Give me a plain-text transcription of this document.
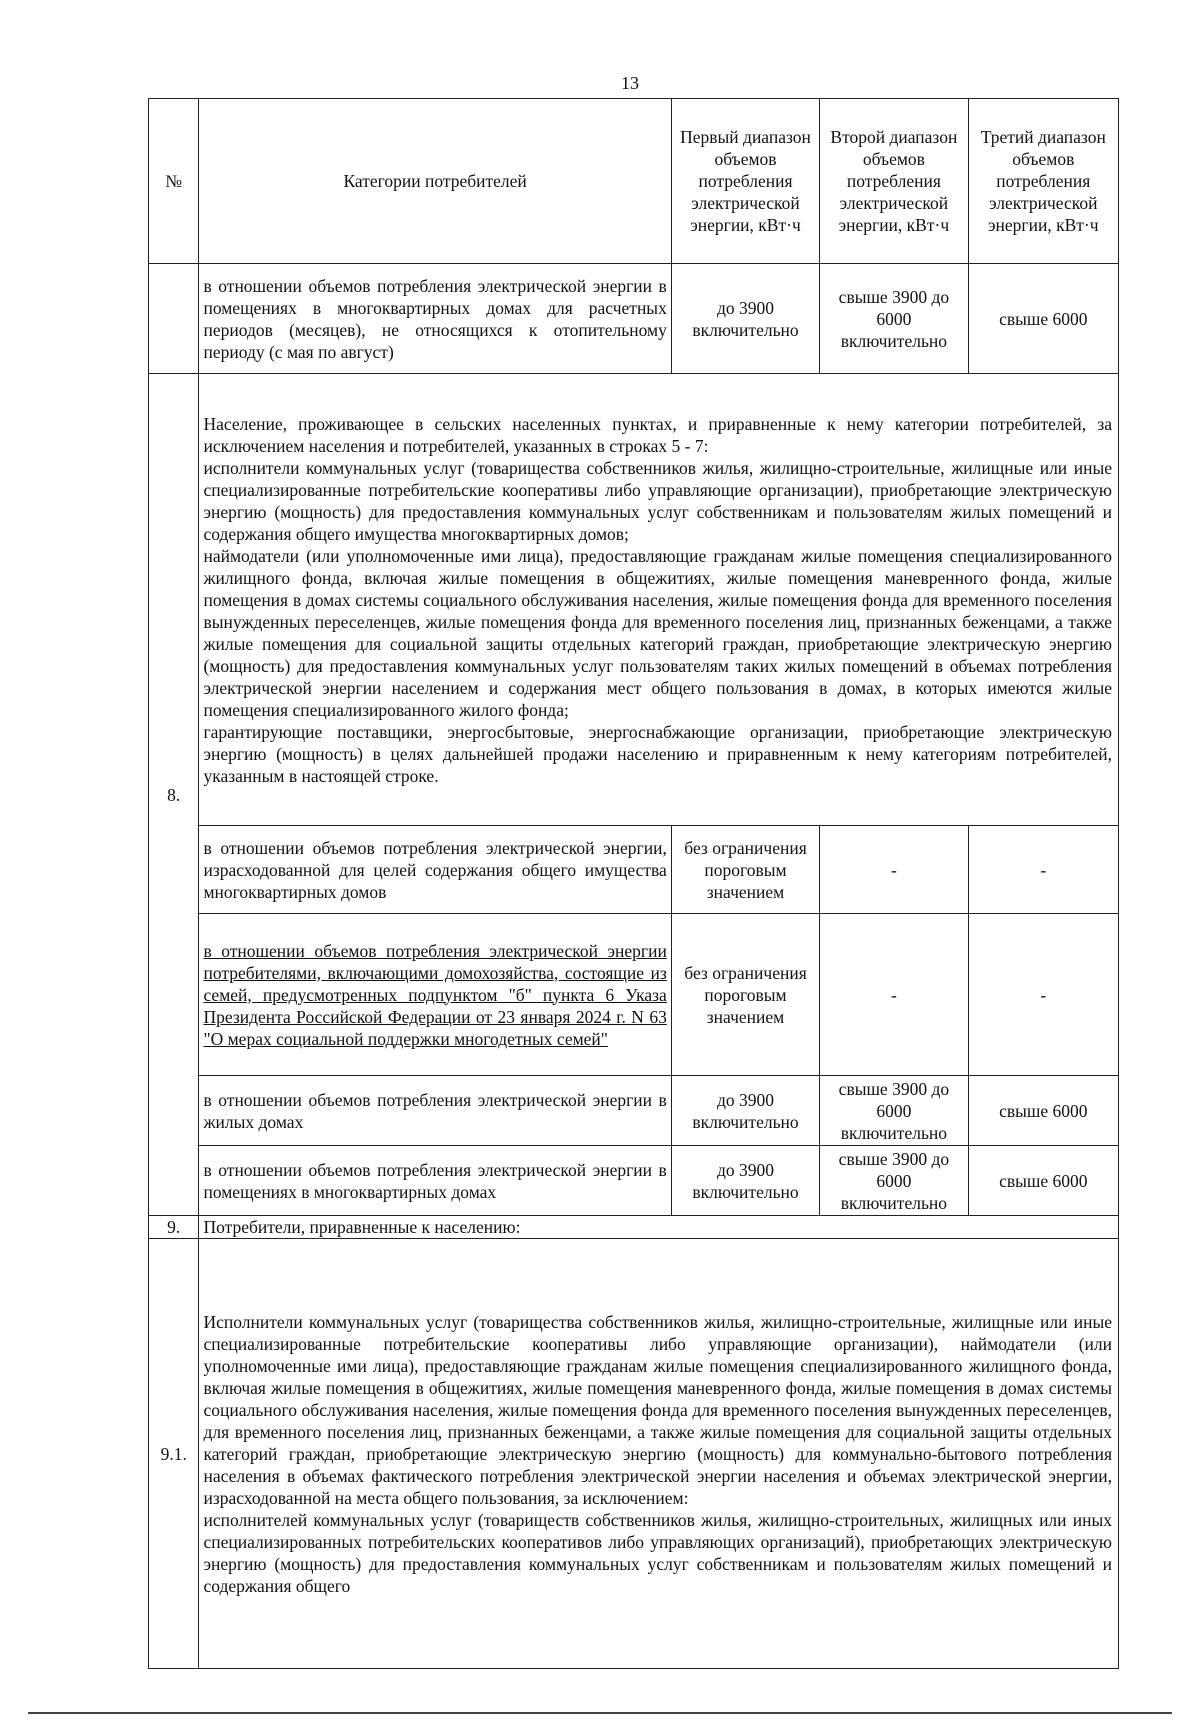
13
№	Категории потребителей	Первый диапазон объемов потребления электрической энергии, кВт·ч	Второй диапазон объемов потребления электрической энергии, кВт·ч	Третий диапазон объемов потребления электрической энергии, кВт·ч
	в отношении объемов потребления электрической энергии в помещениях в многоквартирных домах для расчетных периодов (месяцев), не относящихся к отопительному периоду (с мая по август)	до 3900 включительно	свыше 3900 до 6000 включительно	свыше 6000
8.	Население, проживающее в сельских населенных пунктах, и приравненные к нему категории потребителей, за исключением населения и потребителей, указанных в строках 5 - 7:

исполнители коммунальных услуг (товарищества собственников жилья, жилищно-строительные, жилищные или иные специализированные потребительские кооперативы либо управляющие организации), приобретающие электрическую энергию (мощность) для предоставления коммунальных услуг собственникам и пользователям жилых помещений и содержания общего имущества многоквартирных домов;

наймодатели (или уполномоченные ими лица), предоставляющие гражданам жилые помещения специализированного жилищного фонда, включая жилые помещения в общежитиях, жилые помещения маневренного фонда, жилые помещения в домах системы социального обслуживания населения, жилые помещения фонда для временного поселения вынужденных переселенцев, жилые помещения фонда для временного поселения лиц, признанных беженцами, а также жилые помещения для социальной защиты отдельных категорий граждан, приобретающие электрическую энергию (мощность) для предоставления коммунальных услуг пользователям таких жилых помещений в объемах потребления электрической энергии населением и содержания мест общего пользования в домах, в которых имеются жилые помещения специализированного жилого фонда;

гарантирующие поставщики, энергосбытовые, энергоснабжающие организации, приобретающие электрическую энергию (мощность) в целях дальнейшей продажи населению и приравненным к нему категориям потребителей, указанным в настоящей строке.			

	в отношении объемов потребления электрической энергии, израсходованной для целей содержания общего имущества многоквартирных домов	без ограничения пороговым значением	-	-
	в отношении объемов потребления электрической энергии потребителями, включающими домохозяйства, состоящие из семей, предусмотренных подпунктом "б" пункта 6 Указа Президента Российской Федерации от 23 января 2024 г. N 63 "О мерах социальной поддержки многодетных семей"	без ограничения пороговым значением	-	-
	в отношении объемов потребления электрической энергии в жилых домах	до 3900 включительно	свыше 3900 до 6000 включительно	свыше 6000
	в отношении объемов потребления электрической энергии в помещениях в многоквартирных домах	до 3900 включительно	свыше 3900 до 6000 включительно	свыше 6000
9.	Потребители, приравненные к населению:			
9.1.	Исполнители коммунальных услуг (товарищества собственников жилья, жилищно-строительные, жилищные или иные специализированные потребительские кооперативы либо управляющие организации), наймодатели (или уполномоченные ими лица), предоставляющие гражданам жилые помещения специализированного жилищного фонда, включая жилые помещения в общежитиях, жилые помещения маневренного фонда, жилые помещения в домах системы социального обслуживания населения, жилые помещения фонда для временного поселения вынужденных переселенцев, для временного поселения лиц, признанных беженцами, а также жилые помещения для социальной защиты отдельных категорий граждан, приобретающие электрическую энергию (мощность) для коммунально-бытового потребления населения в объемах фактического потребления электрической энергии населения и объемах электрической энергии, израсходованной на места общего пользования, за исключением:

исполнителей коммунальных услуг (товариществ собственников жилья, жилищно-строительных, жилищных или иных специализированных потребительских кооперативов либо управляющих организаций), приобретающих электрическую энергию (мощность) для предоставления коммунальных услуг собственникам и пользователям жилых помещений и содержания общего			
